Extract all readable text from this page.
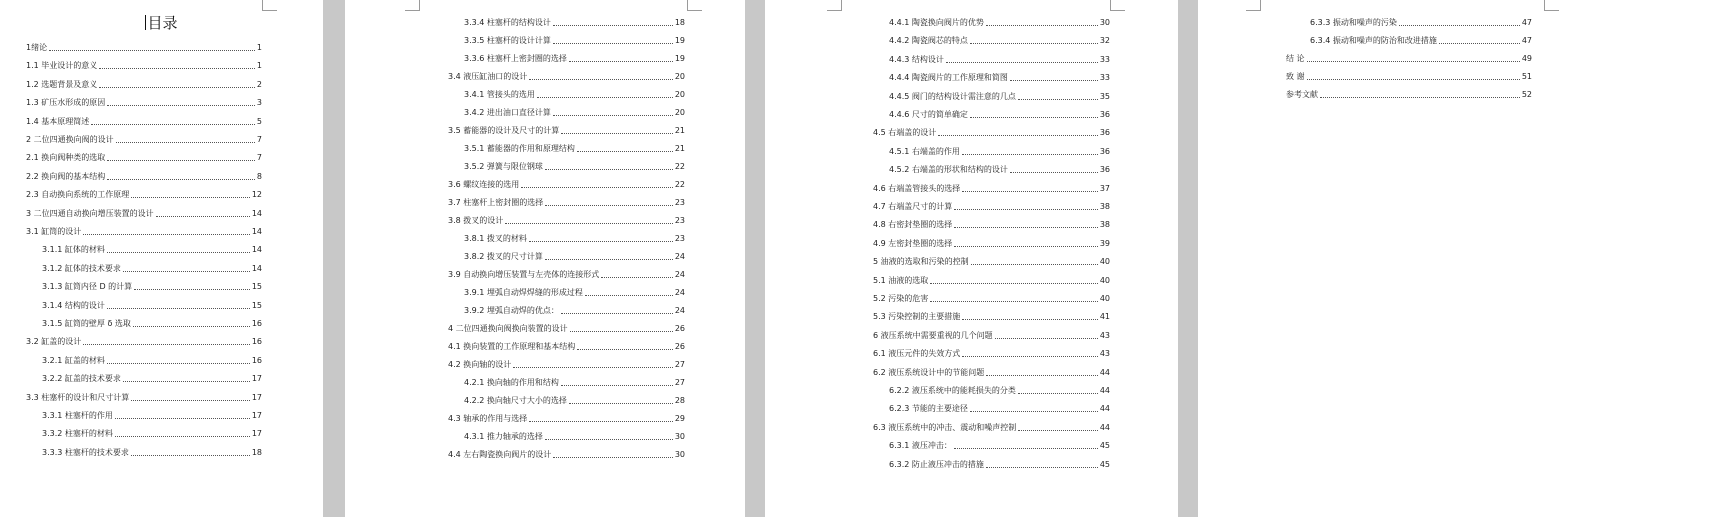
目录
1绪论	1
1.1 毕业设计的意义	1
1.2 选题背景及意义	2
1.3 矿压水形成的原因	3
1.4 基本原理简述	5
2 二位四通换向阀的设计	7
2.1 换向阀种类的选取	7
2.2 换向阀的基本结构	8
2.3 自动换向系统的工作原理	12
3 二位四通自动换向增压装置的设计	14
3.1 缸筒的设计	14
3.1.1 缸体的材料	14
3.1.2 缸体的技术要求	14
3.1.3 缸筒内径 D 的计算	15
3.1.4 结构的设计	15
3.1.5 缸筒的壁厚 δ 选取	16
3.2 缸盖的设计	16
3.2.1 缸盖的材料	16
3.2.2 缸盖的技术要求	17
3.3 柱塞杆的设计和尺寸计算	17
3.3.1 柱塞杆的作用	17
3.3.2 柱塞杆的材料	17
3.3.3 柱塞杆的技术要求	18
3.3.4 柱塞杆的结构设计	18
3.3.5 柱塞杆的设计计算	19
3.3.6 柱塞杆上密封圈的选择	19
3.4 液压缸油口的设计	20
3.4.1 管接头的选用	20
3.4.2 进出油口直径计算	20
3.5 蓄能器的设计及尺寸的计算	21
3.5.1 蓄能器的作用和原理结构	21
3.5.2 弹簧与限位钢球	22
3.6 螺纹连接的选用	22
3.7 柱塞杆上密封圈的选择	23
3.8 拨叉的设计	23
3.8.1 拨叉的材料	23
3.8.2 拨叉的尺寸计算	24
3.9 自动换向增压装置与左壳体的连接形式	24
3.9.1 埋弧自动焊焊缝的形成过程	24
3.9.2 埋弧自动焊的优点：	24
4 二位四通换向阀换向装置的设计	26
4.1 换向装置的工作原理和基本结构	26
4.2 换向轴的设计	27
4.2.1 换向轴的作用和结构	27
4.2.2 换向轴尺寸大小的选择	28
4.3 轴承的作用与选择	29
4.3.1 推力轴承的选择	30
4.4 左右陶瓷换向阀片的设计	30
4.4.1 陶瓷换向阀片的优势	30
4.4.2 陶瓷阀芯的特点	32
4.4.3 结构设计	33
4.4.4 陶瓷阀片的工作原理和简图	33
4.4.5 阀门的结构设计需注意的几点	35
4.4.6 尺寸的简单确定	36
4.5 右端盖的设计	36
4.5.1 右端盖的作用	36
4.5.2 右端盖的形状和结构的设计	36
4.6 右端盖管接头的选择	37
4.7 右端盖尺寸的计算	38
4.8 右密封垫圈的选择	38
4.9 左密封垫圈的选择	39
5 油液的选取和污染的控制	40
5.1 油液的选取	40
5.2 污染的危害	40
5.3 污染控制的主要措施	41
6 液压系统中需要重视的几个问题	43
6.1 液压元件的失效方式	43
6.2 液压系统设计中的节能问题	44
6.2.2 液压系统中的能耗损失的分类	44
6.2.3 节能的主要途径	44
6.3 液压系统中的冲击、震动和噪声控制	44
6.3.1 液压冲击：	45
6.3.2 防止液压冲击的措施	45
6.3.3 振动和噪声的污染	47
6.3.4 振动和噪声的防治和改进措施	47
结 论	49
致 谢	51
参考文献	52
